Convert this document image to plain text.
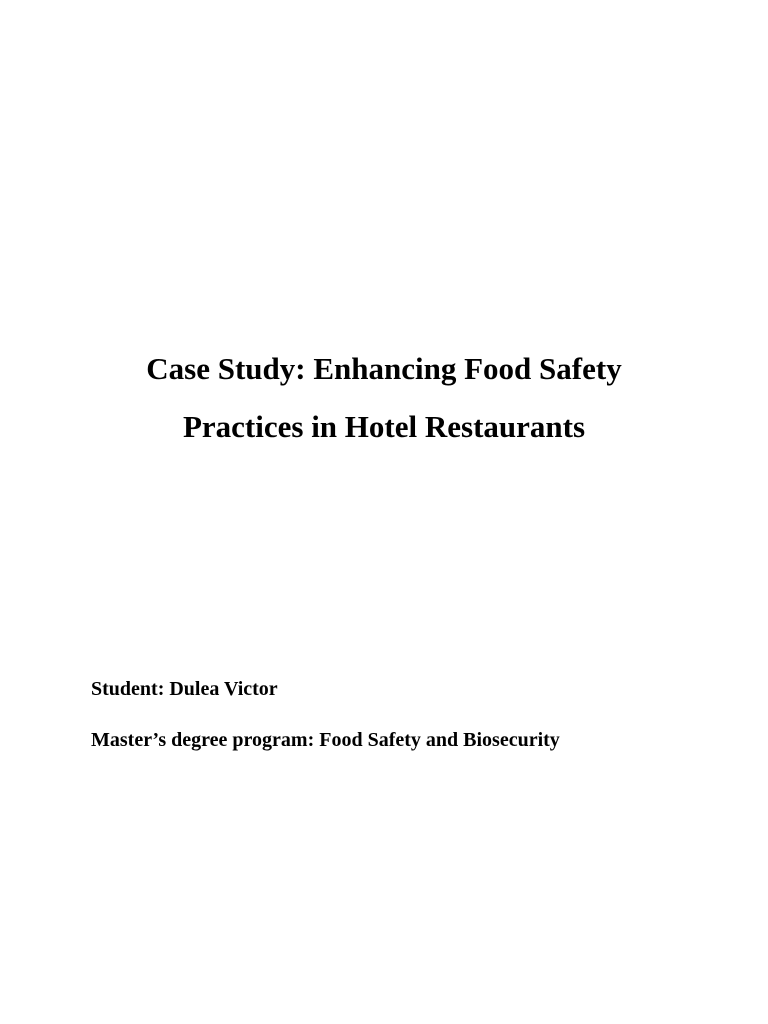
Case Study: Enhancing Food Safety

Practices in Hotel Restaurants

Student: Dulea Victor

Master’s degree program: Food Safety and Biosecurity
